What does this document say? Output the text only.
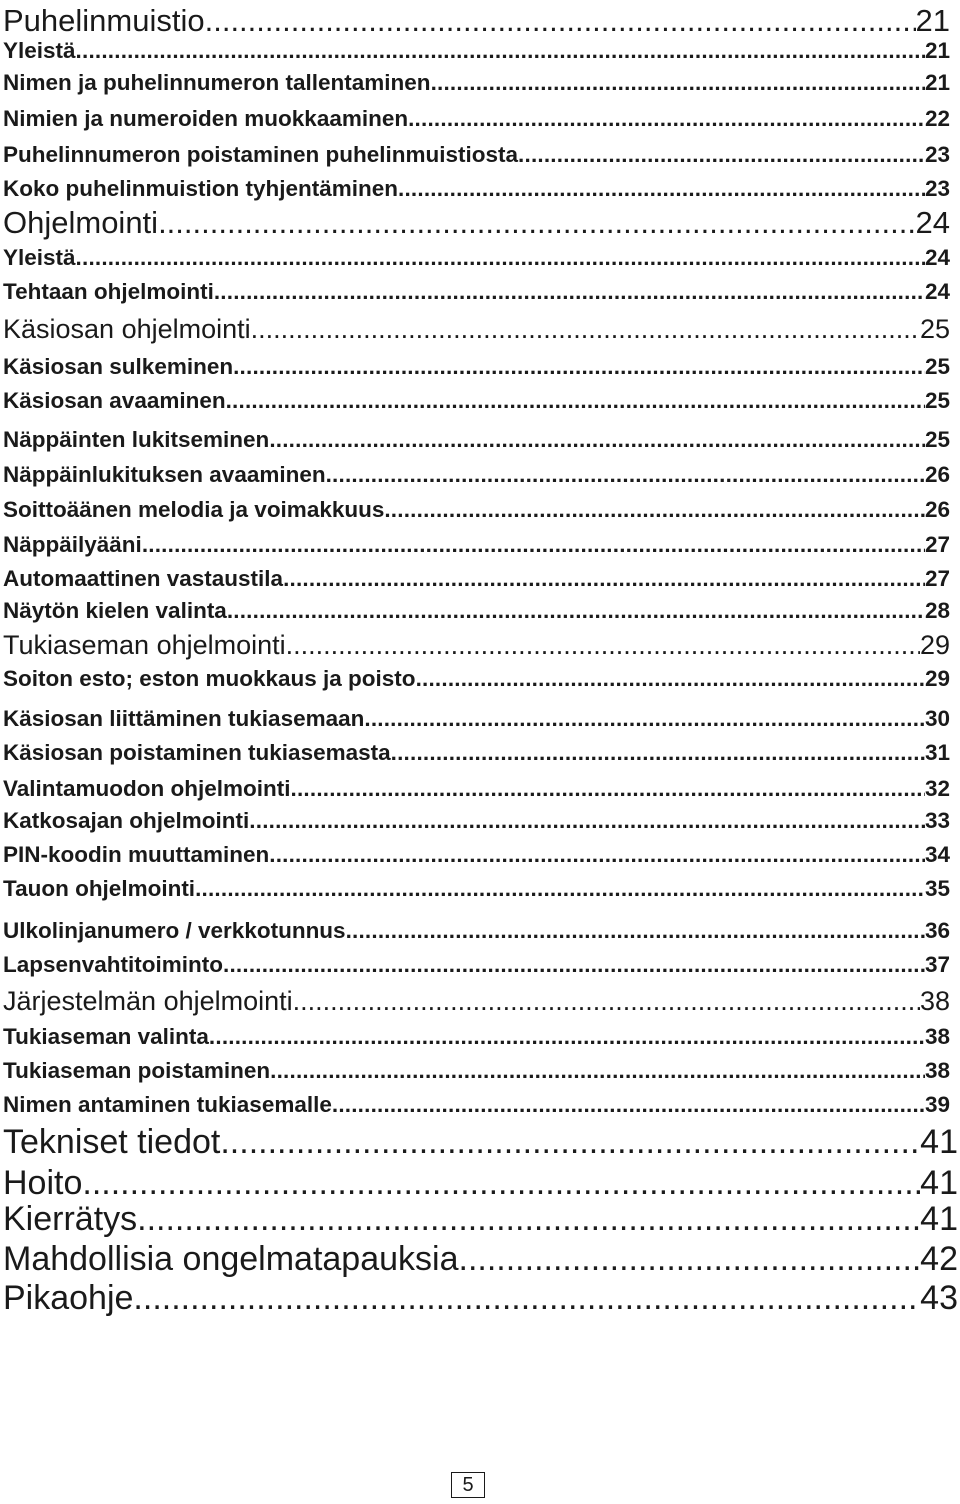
Puhelinmuistio .....	21
Yleistä .....	21
Nimen ja puhelinnumeron tallentaminen .....	21
Nimien ja numeroiden muokkaaminen .....	22
Puhelinnumeron poistaminen puhelinmuistiosta .....	23
Koko puhelinmuistion tyhjentäminen .....	23
Ohjelmointi .....	24
Yleistä .....	24
Tehtaan ohjelmointi .....	24
Käsiosan ohjelmointi .....	25
Käsiosan sulkeminen .....	25
Käsiosan avaaminen .....	25
Näppäinten lukitseminen .....	25
Näppäinlukituksen avaaminen .....	26
Soittoäänen melodia ja voimakkuus .....	26
Näppäilyääni .....	27
Automaattinen vastaustila .....	27
Näytön kielen valinta .....	28
Tukiaseman ohjelmointi .....	29
Soiton esto; eston muokkaus ja poisto .....	29
Käsiosan liittäminen tukiasemaan .....	30
Käsiosan poistaminen tukiasemasta .....	31
Valintamuodon ohjelmointi .....	32
Katkosajan ohjelmointi .....	33
PIN-koodin muuttaminen .....	34
Tauon ohjelmointi .....	35
Ulkolinjanumero / verkkotunnus .....	36
Lapsenvahtitoiminto .....	37
Järjestelmän ohjelmointi .....	38
Tukiaseman valinta .....	38
Tukiaseman poistaminen .....	38
Nimen antaminen tukiasemalle .....	39
Tekniset tiedot .....	41
Hoito .....	41
Kierrätys .....	41
Mahdollisia ongelmatapauksia .....	42
Pikaohje .....	43
5
